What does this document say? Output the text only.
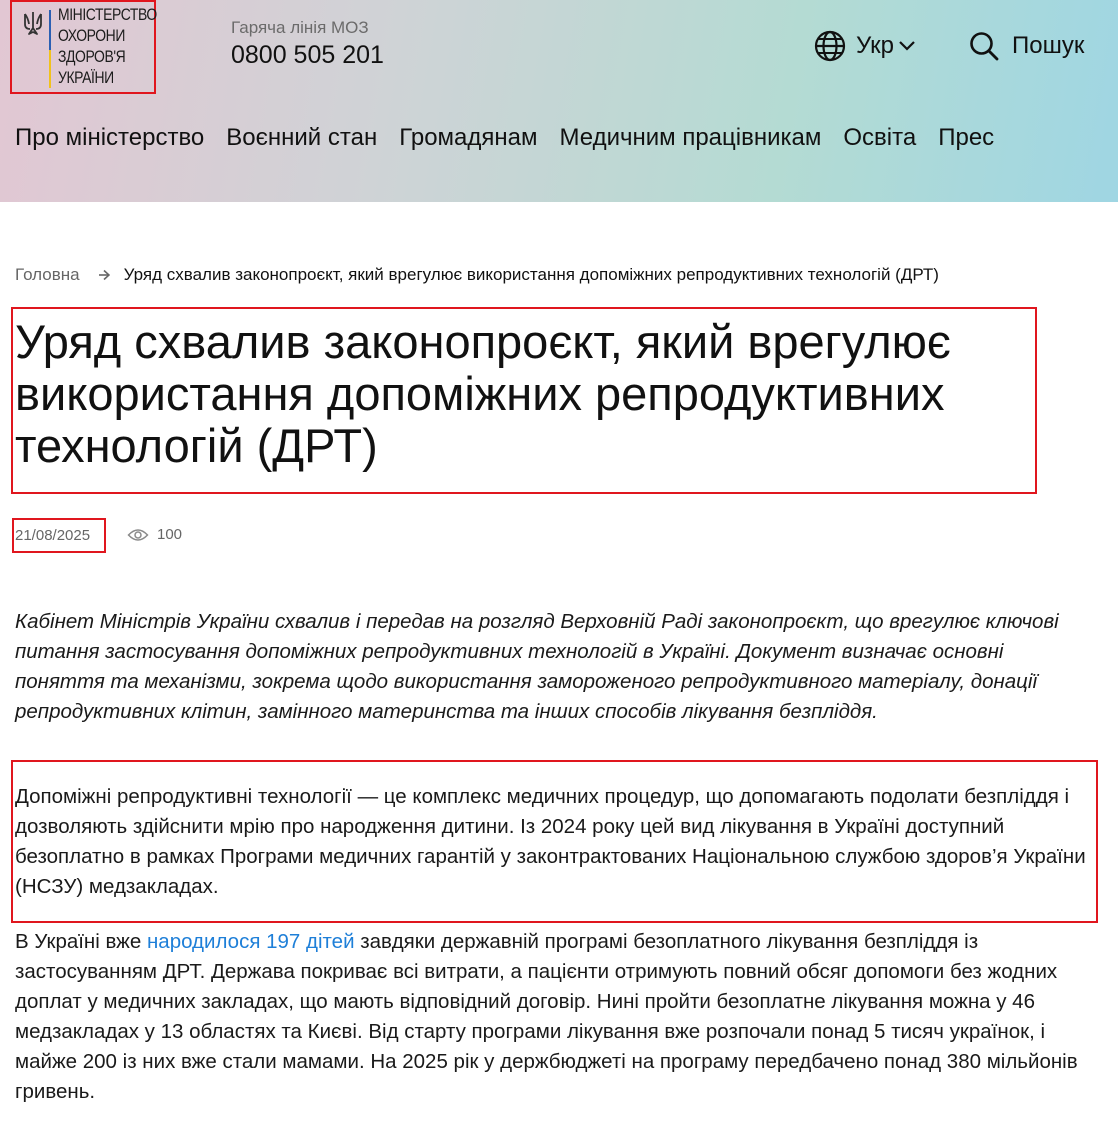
МІНІСТЕРСТВО
ОХОРОНИ
ЗДОРОВ'Я
УКРАЇНИ
Гаряча лінія МОЗ
0800 505 201	Укр	Пошук
Про міністерство Воєнний стан Громадянам Медичним працівникам Освіта Прес
Головна	Уряд схвалив законопроєкт, який врегулює використання допоміжних репродуктивних технологій (ДРТ)
Уряд схвалив законопроєкт, який врегулює використання допоміжних репродуктивних технологій (ДРТ)
21/08/2025	100

Кабінет Міністрів України схвалив і передав на розгляд Верховній Раді законопроєкт, що врегулює ключові питання застосування допоміжних репродуктивних технологій в Україні. Документ визначає основні поняття та механізми, зокрема щодо використання замороженого репродуктивного матеріалу, донації репродуктивних клітин, замінного материнства та інших способів лікування безпліддя.

Допоміжні репродуктивні технології — це комплекс медичних процедур, що допомагають подолати безпліддя і дозволяють здійснити мрію про народження дитини. Із 2024 року цей вид лікування в Україні доступний безоплатно в рамках Програми медичних гарантій у законтрактованих Національною службою здоров’я України (НСЗУ) медзакладах.

В Україні вже народилося 197 дітей завдяки державній програмі безоплатного лікування безпліддя із застосуванням ДРТ. Держава покриває всі витрати, а пацієнти отримують повний обсяг допомоги без жодних доплат у медичних закладах, що мають відповідний договір. Нині пройти безоплатне лікування можна у 46 медзакладах у 13 областях та Києві. Від старту програми лікування вже розпочали понад 5 тисяч українок, і майже 200 із них вже стали мамами. На 2025 рік у держбюджеті на програму передбачено понад 380 мільйонів гривень.
